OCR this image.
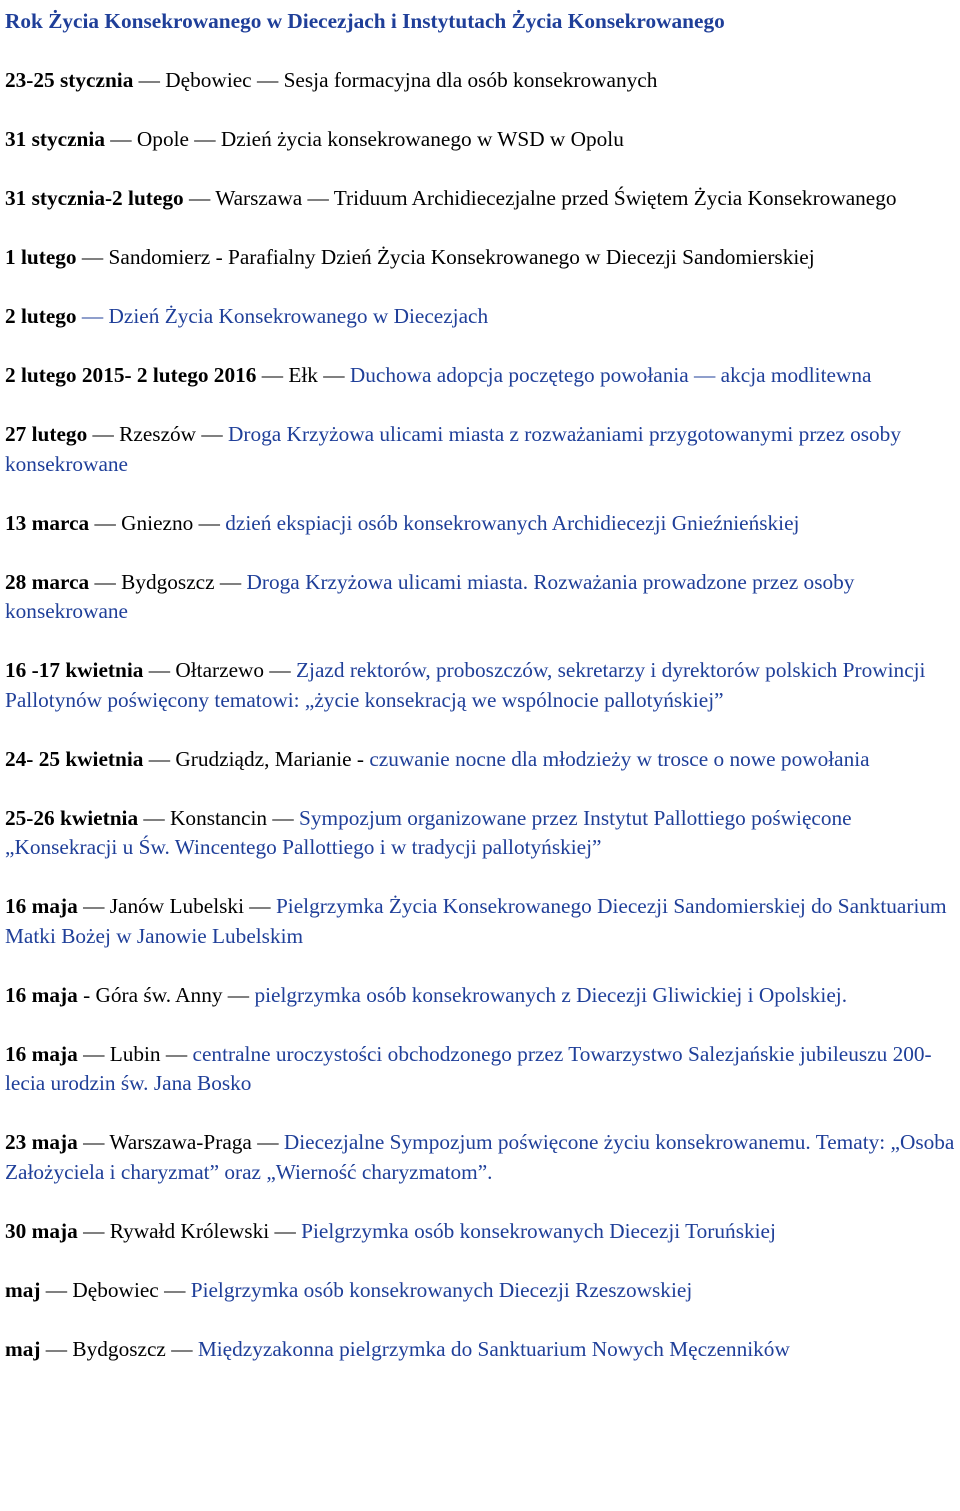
Rok Życia Konsekrowanego w Diecezjach i Instytutach Życia Konsekrowanego

23-25 stycznia — Dębowiec — Sesja formacyjna dla osób konsekrowanych

31 stycznia — Opole — Dzień życia konsekrowanego w WSD w Opolu

31 stycznia-2 lutego — Warszawa — Triduum Archidiecezjalne przed Świętem Życia Konsekrowanego

1 lutego — Sandomierz - Parafialny Dzień Życia Konsekrowanego w Diecezji Sandomierskiej

2 lutego — Dzień Życia Konsekrowanego w Diecezjach

2 lutego 2015- 2 lutego 2016 — Ełk — Duchowa adopcja poczętego powołania — akcja modlitewna

27 lutego — Rzeszów — Droga Krzyżowa ulicami miasta z rozważaniami przygotowanymi przez osoby konsekrowane

13 marca — Gniezno — dzień ekspiacji osób konsekrowanych Archidiecezji Gnieźnieńskiej

28 marca — Bydgoszcz — Droga Krzyżowa ulicami miasta. Rozważania prowadzone przez osoby konsekrowane

16 -17 kwietnia — Ołtarzewo — Zjazd rektorów, proboszczów, sekretarzy i dyrektorów polskich Prowincji Pallotynów poświęcony tematowi: „życie konsekracją we wspólnocie pallotyńskiej”

24- 25 kwietnia — Grudziądz, Marianie - czuwanie nocne dla młodzieży w trosce o nowe powołania

25-26 kwietnia — Konstancin — Sympozjum organizowane przez Instytut Pallottiego poświęcone „Konsekracji u Św. Wincentego Pallottiego i w tradycji pallotyńskiej”

16 maja — Janów Lubelski — Pielgrzymka Życia Konsekrowanego Diecezji Sandomierskiej do Sanktuarium Matki Bożej w Janowie Lubelskim

16 maja - Góra św. Anny — pielgrzymka osób konsekrowanych z Diecezji Gliwickiej i Opolskiej.

16 maja — Lubin — centralne uroczystości obchodzonego przez Towarzystwo Salezjańskie jubileuszu 200-lecia urodzin św. Jana Bosko

23 maja — Warszawa-Praga — Diecezjalne Sympozjum poświęcone życiu konsekrowanemu. Tematy: „Osoba Założyciela i charyzmat” oraz „Wierność charyzmatom”.

30 maja — Rywałd Królewski — Pielgrzymka osób konsekrowanych Diecezji Toruńskiej

maj — Dębowiec — Pielgrzymka osób konsekrowanych Diecezji Rzeszowskiej

maj — Bydgoszcz — Międzyzakonna pielgrzymka do Sanktuarium Nowych Męczenników
